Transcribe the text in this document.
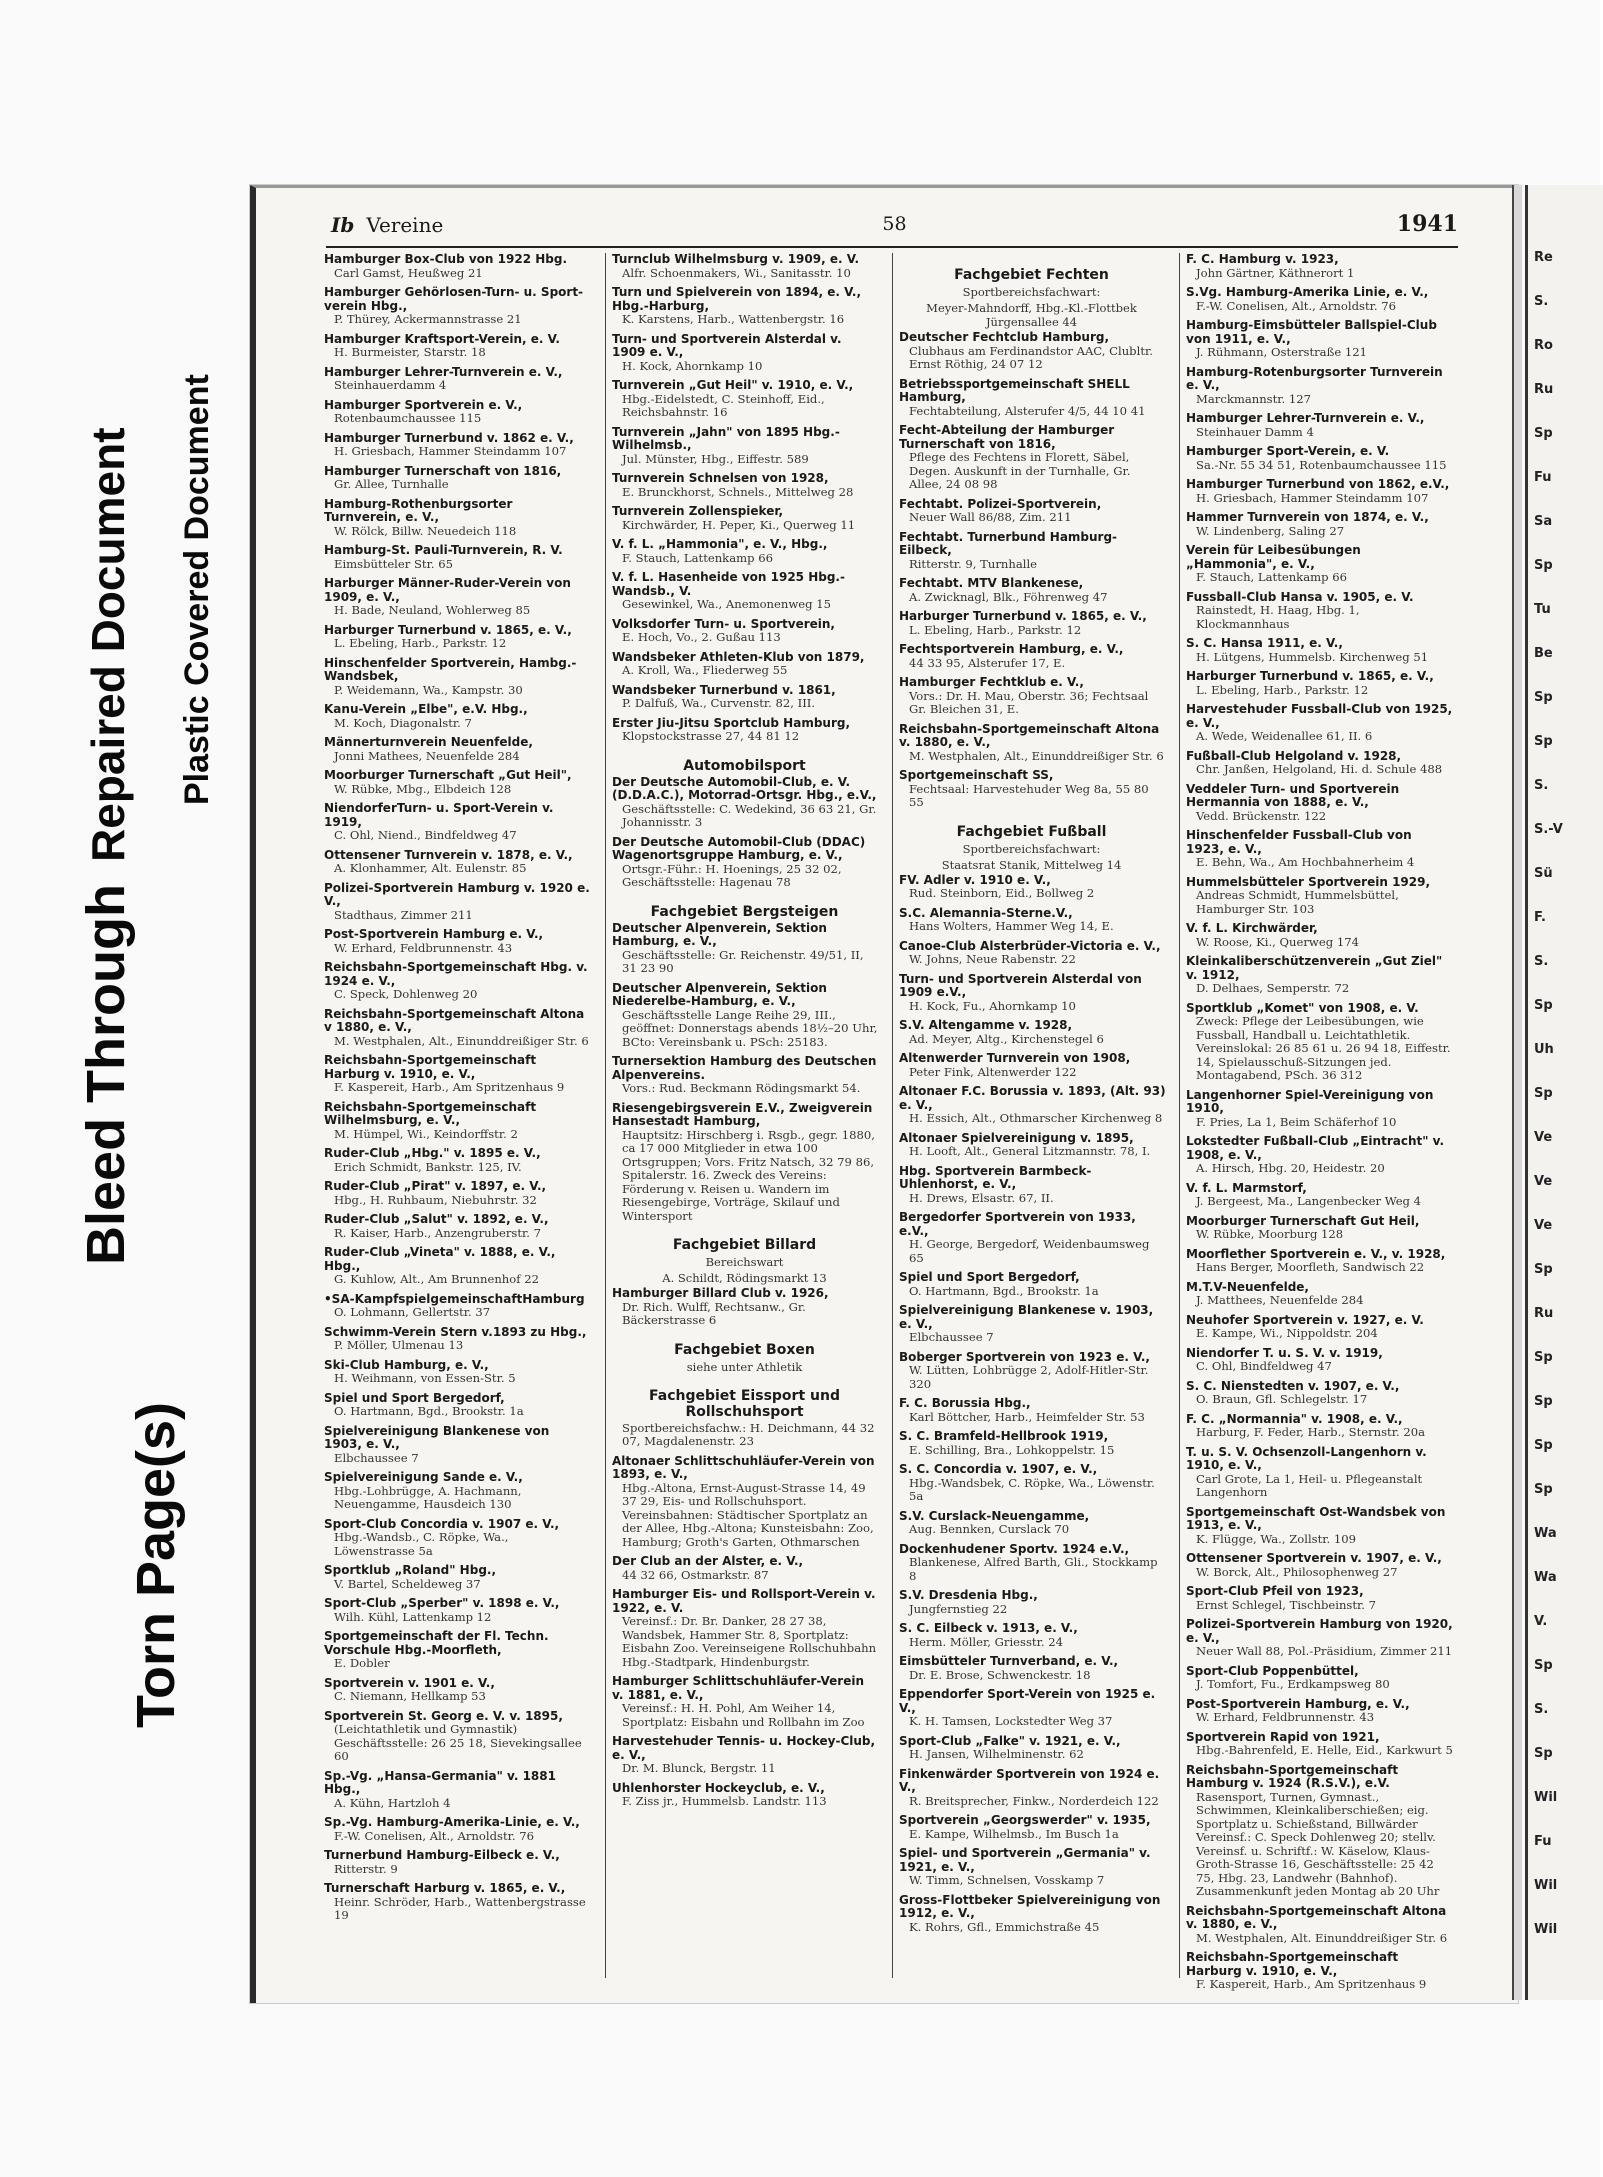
Torn Page(s)
Bleed ThroughRepaired Document Plastic Covered Document
Ib Vereine	58	1941
Hamburger Box-Club von 1922 Hbg.
Carl Gamst, Heußweg 21
Hamburger Gehörlosen-Turn- u. Sport-verein Hbg.,
P. Thürey, Ackermannstrasse 21
Hamburger Kraftsport-Verein, e. V.
H. Burmeister, Starstr. 18
Hamburger Lehrer-Turnverein e. V.,
Steinhauerdamm 4
Hamburger Sportverein e. V.,
Rotenbaumchaussee 115
Hamburger Turnerbund v. 1862 e. V.,
H. Griesbach, Hammer Steindamm 107
Hamburger Turnerschaft von 1816,
Gr. Allee, Turnhalle
Hamburg-Rothenburgsorter Turnverein, e. V.,
W. Rölck, Billw. Neuedeich 118
Hamburg-St. Pauli-Turnverein, R. V.
Eimsbütteler Str. 65
Harburger Männer-Ruder-Verein von 1909, e. V.,
H. Bade, Neuland, Wohlerweg 85
Harburger Turnerbund v. 1865, e. V.,
L. Ebeling, Harb., Parkstr. 12
Hinschenfelder Sportverein, Hambg.-Wandsbek,
P. Weidemann, Wa., Kampstr. 30
Kanu-Verein „Elbe", e.V. Hbg.,
M. Koch, Diagonalstr. 7
Männerturnverein Neuenfelde,
Jonni Mathees, Neuenfelde 284
Moorburger Turnerschaft „Gut Heil",
W. Rübke, Mbg., Elbdeich 128
NiendorferTurn- u. Sport-Verein v. 1919,
C. Ohl, Niend., Bindfeldweg 47
Ottensener Turnverein v. 1878, e. V.,
A. Klonhammer, Alt. Eulenstr. 85
Polizei-Sportverein Hamburg v. 1920 e. V.,
Stadthaus, Zimmer 211
Post-Sportverein Hamburg e. V.,
W. Erhard, Feldbrunnenstr. 43
Reichsbahn-Sportgemeinschaft Hbg. v. 1924 e. V.,
C. Speck, Dohlenweg 20
Reichsbahn-Sportgemeinschaft Altona v 1880, e. V.,
M. Westphalen, Alt., Einunddreißiger Str. 6
Reichsbahn-Sportgemeinschaft Harburg v. 1910, e. V.,
F. Kaspereit, Harb., Am Spritzenhaus 9
Reichsbahn-Sportgemeinschaft Wilhelmsburg, e. V.,
M. Hümpel, Wi., Keindorffstr. 2
Ruder-Club „Hbg." v. 1895 e. V.,
Erich Schmidt, Bankstr. 125, IV.
Ruder-Club „Pirat" v. 1897, e. V.,
Hbg., H. Ruhbaum, Niebuhrstr. 32
Ruder-Club „Salut" v. 1892, e. V.,
R. Kaiser, Harb., Anzengruberstr. 7
Ruder-Club „Vineta" v. 1888, e. V., Hbg.,
G. Kuhlow, Alt., Am Brunnenhof 22
•SA-KampfspielgemeinschaftHamburg
O. Lohmann, Gellertstr. 37
Schwimm-Verein Stern v.1893 zu Hbg.,
P. Möller, Ulmenau 13
Ski-Club Hamburg, e. V.,
H. Weihmann, von Essen-Str. 5
Spiel und Sport Bergedorf,
O. Hartmann, Bgd., Brookstr. 1a
Spielvereinigung Blankenese von 1903, e. V.,
Elbchaussee 7
Spielvereinigung Sande e. V.,
Hbg.-Lohbrügge, A. Hachmann, Neuengamme, Hausdeich 130
Sport-Club Concordia v. 1907 e. V.,
Hbg.-Wandsb., C. Röpke, Wa., Löwenstrasse 5a
Sportklub „Roland" Hbg.,
V. Bartel, Scheldeweg 37
Sport-Club „Sperber" v. 1898 e. V.,
Wilh. Kühl, Lattenkamp 12
Sportgemeinschaft der Fl. Techn. Vorschule Hbg.-Moorfleth,
E. Dobler
Sportverein v. 1901 e. V.,
C. Niemann, Hellkamp 53
Sportverein St. Georg e. V. v. 1895,
(Leichtathletik und Gymnastik) Geschäftsstelle: 26 25 18, Sievekingsallee 60
Sp.-Vg. „Hansa-Germania" v. 1881 Hbg.,
A. Kühn, Hartzloh 4
Sp.-Vg. Hamburg-Amerika-Linie, e. V.,
F.-W. Conelisen, Alt., Arnoldstr. 76
Turnerbund Hamburg-Eilbeck e. V.,
Ritterstr. 9
Turnerschaft Harburg v. 1865, e. V.,
Heinr. Schröder, Harb., Wattenbergstrasse 19
Turnclub Wilhelmsburg v. 1909, e. V.
Alfr. Schoenmakers, Wi., Sanitasstr. 10
Turn und Spielverein von 1894, e. V., Hbg.-Harburg,
K. Karstens, Harb., Wattenbergstr. 16
Turn- und Sportverein Alsterdal v. 1909 e. V.,
H. Kock, Ahornkamp 10
Turnverein „Gut Heil" v. 1910, e. V.,
Hbg.-Eidelstedt, C. Steinhoff, Eid., Reichsbahnstr. 16
Turnverein „Jahn" von 1895 Hbg.-Wilhelmsb.,
Jul. Münster, Hbg., Eiffestr. 589
Turnverein Schnelsen von 1928,
E. Brunckhorst, Schnels., Mittelweg 28
Turnverein Zollenspieker,
Kirchwärder, H. Peper, Ki., Querweg 11
V. f. L. „Hammonia", e. V., Hbg.,
F. Stauch, Lattenkamp 66
V. f. L. Hasenheide von 1925 Hbg.-Wandsb., V.
Gesewinkel, Wa., Anemonenweg 15
Volksdorfer Turn- u. Sportverein,
E. Hoch, Vo., 2. Gußau 113
Wandsbeker Athleten-Klub von 1879,
A. Kroll, Wa., Fliederweg 55
Wandsbeker Turnerbund v. 1861,
P. Dalfuß, Wa., Curvenstr. 82, III.
Erster Jiu-Jitsu Sportclub Hamburg,
Klopstockstrasse 27, 44 81 12
Automobilsport
Der Deutsche Automobil-Club, e. V. (D.D.A.C.), Motorrad-Ortsgr. Hbg., e.V.,
Geschäftsstelle: C. Wedekind, 36 63 21, Gr. Johannisstr. 3
Der Deutsche Automobil-Club (DDAC) Wagenortsgruppe Hamburg, e. V.,
Ortsgr.-Führ.: H. Hoenings, 25 32 02, Geschäftsstelle: Hagenau 78
Fachgebiet Bergsteigen
Deutscher Alpenverein, Sektion Hamburg, e. V.,
Geschäftsstelle: Gr. Reichenstr. 49/51, II, 31 23 90
Deutscher Alpenverein, Sektion Niederelbe-Hamburg, e. V.,
Geschäftsstelle Lange Reihe 29, III., geöffnet: Donnerstags abends 18½–20 Uhr, BCto: Vereinsbank u. PSch: 25183.
Turnersektion Hamburg des Deutschen Alpenvereins.
Vors.: Rud. Beckmann Rödingsmarkt 54.
Riesengebirgsverein E.V., Zweigverein Hansestadt Hamburg,
Hauptsitz: Hirschberg i. Rsgb., gegr. 1880, ca 17 000 Mitglieder in etwa 100 Ortsgruppen; Vors. Fritz Natsch, 32 79 86, Spitalerstr. 16. Zweck des Vereins: Förderung v. Reisen u. Wandern im Riesengebirge, Vorträge, Skilauf und Wintersport
Fachgebiet Billard
Bereichswart
A. Schildt, Rödingsmarkt 13
Hamburger Billard Club v. 1926,
Dr. Rich. Wulff, Rechtsanw., Gr. Bäckerstrasse 6
Fachgebiet Boxen
siehe unter Athletik
Fachgebiet Eissport und Rollschuhsport
Sportbereichsfachw.: H. Deichmann, 44 32 07, Magdalenenstr. 23
Altonaer Schlittschuhläufer-Verein von 1893, e. V.,
Hbg.-Altona, Ernst-August-Strasse 14, 49 37 29, Eis- und Rollschuhsport. Vereinsbahnen: Städtischer Sportplatz an der Allee, Hbg.-Altona; Kunsteisbahn: Zoo, Hamburg; Groth's Garten, Othmarschen
Der Club an der Alster, e. V.,
44 32 66, Ostmarkstr. 87
Hamburger Eis- und Rollsport-Verein v. 1922, e. V.
Vereinsf.: Dr. Br. Danker, 28 27 38, Wandsbek, Hammer Str. 8, Sportplatz: Eisbahn Zoo. Vereinseigene Rollschuhbahn Hbg.-Stadtpark, Hindenburgstr.
Hamburger Schlittschuhläufer-Verein v. 1881, e. V.,
Vereinsf.: H. H. Pohl, Am Weiher 14, Sportplatz: Eisbahn und Rollbahn im Zoo
Harvestehuder Tennis- u. Hockey-Club, e. V.,
Dr. M. Blunck, Bergstr. 11
Uhlenhorster Hockeyclub, e. V.,
F. Ziss jr., Hummelsb. Landstr. 113
Fachgebiet Fechten
Sportbereichsfachwart:
Meyer-Mahndorff, Hbg.-Kl.-Flottbek Jürgensallee 44
Deutscher Fechtclub Hamburg,
Clubhaus am Ferdinandstor AAC, Clubltr. Ernst Röthig, 24 07 12
Betriebssportgemeinschaft SHELL Hamburg,
Fechtabteilung, Alsterufer 4/5, 44 10 41
Fecht-Abteilung der Hamburger Turnerschaft von 1816,
Pflege des Fechtens in Florett, Säbel, Degen. Auskunft in der Turnhalle, Gr. Allee, 24 08 98
Fechtabt. Polizei-Sportverein,
Neuer Wall 86/88, Zim. 211
Fechtabt. Turnerbund Hamburg-Eilbeck,
Ritterstr. 9, Turnhalle
Fechtabt. MTV Blankenese,
A. Zwicknagl, Blk., Föhrenweg 47
Harburger Turnerbund v. 1865, e. V.,
L. Ebeling, Harb., Parkstr. 12
Fechtsportverein Hamburg, e. V.,
44 33 95, Alsterufer 17, E.
Hamburger Fechtklub e. V.,
Vors.: Dr. H. Mau, Oberstr. 36; Fechtsaal Gr. Bleichen 31, E.
Reichsbahn-Sportgemeinschaft Altona v. 1880, e. V.,
M. Westphalen, Alt., Einunddreißiger Str. 6
Sportgemeinschaft SS,
Fechtsaal: Harvestehuder Weg 8a, 55 80 55
Fachgebiet Fußball
Sportbereichsfachwart:
Staatsrat Stanik, Mittelweg 14
FV. Adler v. 1910 e. V.,
Rud. Steinborn, Eid., Bollweg 2
S.C. Alemannia-Sterne.V.,
Hans Wolters, Hammer Weg 14, E.
Canoe-Club Alsterbrüder-Victoria e. V.,
W. Johns, Neue Rabenstr. 22
Turn- und Sportverein Alsterdal von 1909 e.V.,
H. Kock, Fu., Ahornkamp 10
S.V. Altengamme v. 1928,
Ad. Meyer, Altg., Kirchenstegel 6
Altenwerder Turnverein von 1908,
Peter Fink, Altenwerder 122
Altonaer F.C. Borussia v. 1893, (Alt. 93) e. V.,
H. Essich, Alt., Othmarscher Kirchenweg 8
Altonaer Spielvereinigung v. 1895,
H. Looft, Alt., General Litzmannstr. 78, I.
Hbg. Sportverein Barmbeck-Uhlenhorst, e. V.,
H. Drews, Elsastr. 67, II.
Bergedorfer Sportverein von 1933, e.V.,
H. George, Bergedorf, Weidenbaumsweg 65
Spiel und Sport Bergedorf,
O. Hartmann, Bgd., Brookstr. 1a
Spielvereinigung Blankenese v. 1903, e. V.,
Elbchaussee 7
Boberger Sportverein von 1923 e. V.,
W. Lütten, Lohbrügge 2, Adolf-Hitler-Str. 320
F. C. Borussia Hbg.,
Karl Böttcher, Harb., Heimfelder Str. 53
S. C. Bramfeld-Hellbrook 1919,
E. Schilling, Bra., Lohkoppelstr. 15
S. C. Concordia v. 1907, e. V.,
Hbg.-Wandsbek, C. Röpke, Wa., Löwenstr. 5a
S.V. Curslack-Neuengamme,
Aug. Bennken, Curslack 70
Dockenhudener Sportv. 1924 e.V.,
Blankenese, Alfred Barth, Gli., Stockkamp 8
S.V. Dresdenia Hbg.,
Jungfernstieg 22
S. C. Eilbeck v. 1913, e. V.,
Herm. Möller, Griesstr. 24
Eimsbütteler Turnverband, e. V.,
Dr. E. Brose, Schwenckestr. 18
Eppendorfer Sport-Verein von 1925 e. V.,
K. H. Tamsen, Lockstedter Weg 37
Sport-Club „Falke" v. 1921, e. V.,
H. Jansen, Wilhelminenstr. 62
Finkenwärder Sportverein von 1924 e. V.,
R. Breitsprecher, Finkw., Norderdeich 122
Sportverein „Georgswerder" v. 1935,
E. Kampe, Wilhelmsb., Im Busch 1a
Spiel- und Sportverein „Germania" v. 1921, e. V.,
W. Timm, Schnelsen, Vosskamp 7
Gross-Flottbeker Spielvereinigung von 1912, e. V.,
K. Rohrs, Gfl., Emmichstraße 45
F. C. Hamburg v. 1923,
John Gärtner, Käthnerort 1
S.Vg. Hamburg-Amerika Linie, e. V.,
F.-W. Conelisen, Alt., Arnoldstr. 76
Hamburg-Eimsbütteler Ballspiel-Club von 1911, e. V.,
J. Rühmann, Osterstraße 121
Hamburg-Rotenburgsorter Turnverein e. V.,
Marckmannstr. 127
Hamburger Lehrer-Turnverein e. V.,
Steinhauer Damm 4
Hamburger Sport-Verein, e. V.
Sa.-Nr. 55 34 51, Rotenbaumchaussee 115
Hamburger Turnerbund von 1862, e.V.,
H. Griesbach, Hammer Steindamm 107
Hammer Turnverein von 1874, e. V.,
W. Lindenberg, Saling 27
Verein für Leibesübungen „Hammonia", e. V.,
F. Stauch, Lattenkamp 66
Fussball-Club Hansa v. 1905, e. V.
Rainstedt, H. Haag, Hbg. 1, Klockmannhaus
S. C. Hansa 1911, e. V.,
H. Lütgens, Hummelsb. Kirchenweg 51
Harburger Turnerbund v. 1865, e. V.,
L. Ebeling, Harb., Parkstr. 12
Harvestehuder Fussball-Club von 1925, e. V.,
A. Wede, Weidenallee 61, II. 6
Fußball-Club Helgoland v. 1928,
Chr. Janßen, Helgoland, Hi. d. Schule 488
Veddeler Turn- und Sportverein Hermannia von 1888, e. V.,
Vedd. Brückenstr. 122
Hinschenfelder Fussball-Club von 1923, e. V.,
E. Behn, Wa., Am Hochbahnerheim 4
Hummelsbütteler Sportverein 1929,
Andreas Schmidt, Hummelsbüttel, Hamburger Str. 103
V. f. L. Kirchwärder,
W. Roose, Ki., Querweg 174
Kleinkaliberschützenverein „Gut Ziel" v. 1912,
D. Delhaes, Semperstr. 72
Sportklub „Komet" von 1908, e. V.
Zweck: Pflege der Leibesübungen, wie Fussball, Handball u. Leichtathletik. Vereinslokal: 26 85 61 u. 26 94 18, Eiffestr. 14, Spielausschuß-Sitzungen jed. Montagabend, PSch. 36 312
Langenhorner Spiel-Vereinigung von 1910,
F. Pries, La 1, Beim Schäferhof 10
Lokstedter Fußball-Club „Eintracht" v. 1908, e. V.,
A. Hirsch, Hbg. 20, Heidestr. 20
V. f. L. Marmstorf,
J. Bergeest, Ma., Langenbecker Weg 4
Moorburger Turnerschaft Gut Heil,
W. Rübke, Moorburg 128
Moorflether Sportverein e. V., v. 1928,
Hans Berger, Moorfleth, Sandwisch 22
M.T.V-Neuenfelde,
J. Matthees, Neuenfelde 284
Neuhofer Sportverein v. 1927, e. V.
E. Kampe, Wi., Nippoldstr. 204
Niendorfer T. u. S. V. v. 1919,
C. Ohl, Bindfeldweg 47
S. C. Nienstedten v. 1907, e. V.,
O. Braun, Gfl. Schlegelstr. 17
F. C. „Normannia" v. 1908, e. V.,
Harburg, F. Feder, Harb., Sternstr. 20a
T. u. S. V. Ochsenzoll-Langenhorn v. 1910, e. V.,
Carl Grote, La 1, Heil- u. Pflegeanstalt Langenhorn
Sportgemeinschaft Ost-Wandsbek von 1913, e. V.,
K. Flügge, Wa., Zollstr. 109
Ottensener Sportverein v. 1907, e. V.,
W. Borck, Alt., Philosophenweg 27
Sport-Club Pfeil von 1923,
Ernst Schlegel, Tischbeinstr. 7
Polizei-Sportverein Hamburg von 1920, e. V.,
Neuer Wall 88, Pol.-Präsidium, Zimmer 211
Sport-Club Poppenbüttel,
J. Tomfort, Fu., Erdkampsweg 80
Post-Sportverein Hamburg, e. V.,
W. Erhard, Feldbrunnenstr. 43
Sportverein Rapid von 1921,
Hbg.-Bahrenfeld, E. Helle, Eid., Karkwurt 5
Reichsbahn-Sportgemeinschaft Hamburg v. 1924 (R.S.V.), e.V.
Rasensport, Turnen, Gymnast., Schwimmen, Kleinkaliberschießen; eig. Sportplatz u. Schießstand, Billwärder Vereinsf.: C. Speck Dohlenweg 20; stellv. Vereinsf. u. Schriftf.: W. Käselow, Klaus-Groth-Strasse 16, Geschäftsstelle: 25 42 75, Hbg. 23, Landwehr (Bahnhof). Zusammenkunft jeden Montag ab 20 Uhr
Reichsbahn-Sportgemeinschaft Altona v. 1880, e. V.,
M. Westphalen, Alt. Einunddreißiger Str. 6
Reichsbahn-Sportgemeinschaft Harburg v. 1910, e. V.,
F. Kaspereit, Harb., Am Spritzenhaus 9
Re
S.
Ro
Ru
Sp
Fu
Sa
Sp
Tu
Be
Sp
Sp
S.
S.-V
Sü
F.
S.
Sp
Uh
Sp
Ve
Ve
Ve
Sp
Ru
Sp
Sp
Sp
Sp
Wa
Wa
V.
Sp
S.
Sp
Wil
Fu
Wil
Wil
